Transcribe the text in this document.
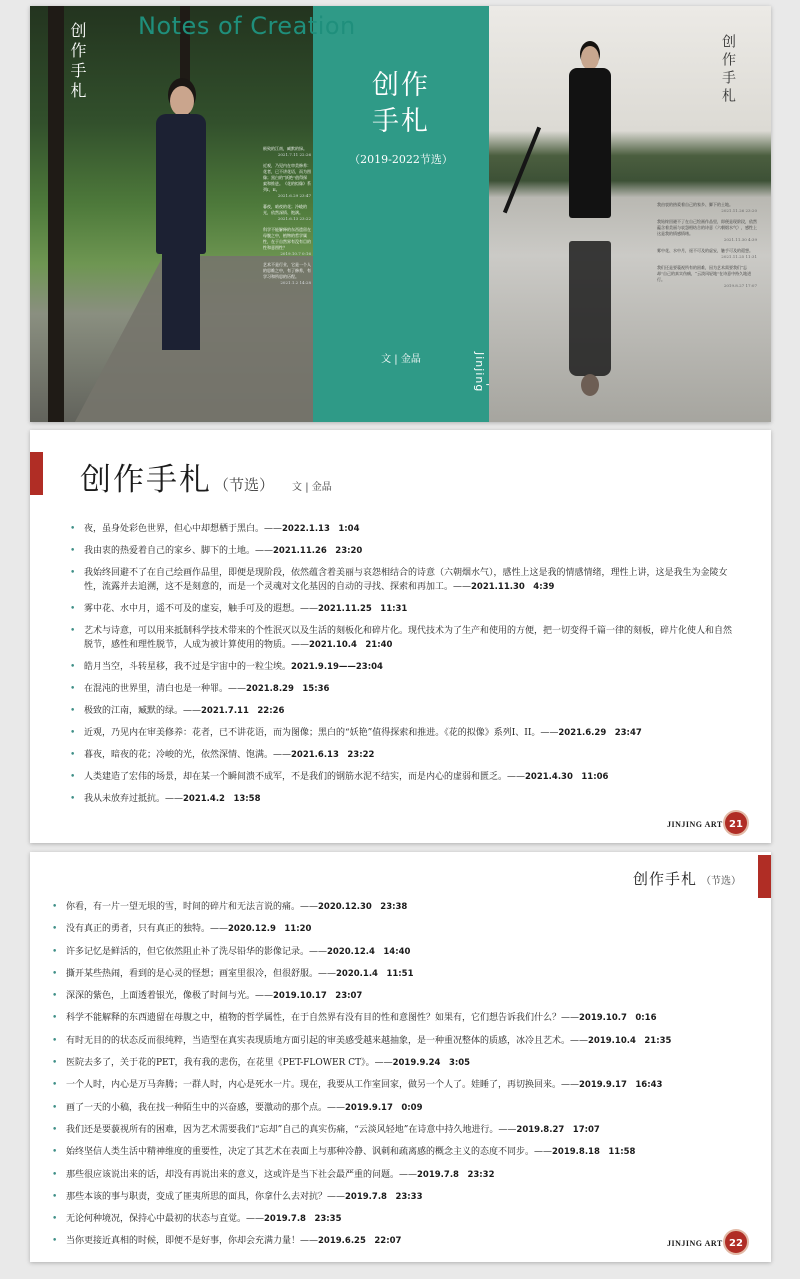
创作手札
极致的江南，臧默的绿。
2021.7.11 22:26
近观，乃见内在审美修养：花者，已不讲花语，而为图像；黑白的“妖艳”值得探索和推进。《花的拟像》系列I、II。
2021.6.29 23:47
暮夜，暗夜的花；冷峻的光，依然深情、饱满。
2021.6.13 23:22
科学不能解释的东西遗留在母腹之中，植物的哲学属性，在于自然界有没有目的性和意图性？
2019.10.7 0:16
艺术不是行业，它是一个人的思维之中，有了修养，有学习和所思的历程。
2021.1.2 14:28
创作
手札
（2019-2022节选）
文 | 金晶	Jinjing
Notes of Creation
创作手札
我由衷的热爱着自己的家乡、脚下的土地。
2021.11.26 23:20
我始终回避不了在自己绘画作品里，即便是现阶段，依然蕴含着美丽与哀怨相结合的诗意（六朝烟水气），感性上这是我的情感情绪。
2021.11.30 4:39
雾中花、水中月，遥不可及的虚妄，触手可及的遐想。
2021.11.25 11:31
我们还是要藐视所有的困难，因为艺术需要我们“忘却”自己的真实伤痛，“云淡风轻地”在诗意中持久地进行。
2019.8.27 17:07
创作手札 （节选） 文 | 金晶
• 夜，虽身处彩色世界，但心中却想栖于黑白。——2022.1.13　1:04
• 我由衷的热爱着自己的家乡、脚下的土地。——2021.11.26　23:20
• 我始终回避不了在自己绘画作品里，即便是现阶段，依然蕴含着美丽与哀怨相结合的诗意（六朝烟水气），感性上这是我的情感情绪，理性上讲，这是我生为金陵女性，流露并去追溯，这不是刻意的，而是一个灵魂对文化基因的自动的寻找、探索和再加工。——2021.11.30　4:39
• 雾中花、水中月，遥不可及的虚妄，触手可及的遐想。——2021.11.25　11:31
• 艺术与诗意，可以用来抵制科学技术带来的个性泯灭以及生活的刻板化和碎片化。现代技术为了生产和使用的方便，把一切变得千篇一律的刻板，碎片化使人和自然脱节，感性和理性脱节，人成为被计算使用的物质。——2021.10.4　21:40
• 皓月当空，斗转星移，我不过是宇宙中的一粒尘埃。2021.9.19——23:04
• 在混沌的世界里，清白也是一种罪。——2021.8.29　15:36
• 极致的江南，臧默的绿。——2021.7.11　22:26
• 近观，乃见内在审美修养：花者，已不讲花语，而为图像；黑白的“妖艳”值得探索和推进。《花的拟像》系列I、II。——2021.6.29　23:47
• 暮夜，暗夜的花；冷峻的光，依然深情、饱满。——2021.6.13　23:22
• 人类建造了宏伟的场景，却在某一个瞬间溃不成军，不是我们的钢筋水泥不结实，而是内心的虚弱和匮乏。——2021.4.30　11:06
• 我从未放弃过抵抗。——2021.4.2　13:58
JINJING ART 21
创作手札 （节选）
• 你看，有一片一望无垠的雪，时间的碎片和无法言说的痛。——2020.12.30　23:38
• 没有真正的勇者，只有真正的独特。——2020.12.9　11:20
• 许多记忆是鲜活的，但它依然阻止补了洗尽铅华的影像记录。——2020.12.4　14:40
• 撕开某些热闹，看到的是心灵的怪想；画室里很冷，但很舒服。——2020.1.4　11:51
• 深深的紫色，上面透着银光，像极了时间与光。——2019.10.17　23:07
• 科学不能解释的东西遗留在母腹之中，植物的哲学属性，在于自然界有没有目的性和意图性？如果有，它们想告诉我们什么？——2019.10.7　0:16
• 有时无目的的状态反而很纯粹，当造型在真实表现质地方面引起的审美感受越来越抽象，是一种重况整体的质感，冰冷且艺术。——2019.10.4　21:35
• 医院去多了，关于花的PET，我有我的悲伤，在花里《PET-FLOWER CT》。——2019.9.24　3:05
• 一个人时，内心是万马奔腾；一群人时，内心是死水一片。现在，我要从工作室回家，做另一个人了。娃睡了，再切换回来。——2019.9.17　16:43
• 画了一天的小稿，我在找一种陌生中的兴奋感，要激动的那个点。——2019.9.17　0:09
• 我们还是要藐视所有的困难，因为艺术需要我们“忘却”自己的真实伤痛，“云淡风轻地”在诗意中持久地进行。——2019.8.27　17:07
• 始终坚信人类生活中精神维度的重要性，决定了其艺术在表面上与那种冷静、讽刺和疏离感的概念主义的态度不同步。——2019.8.18　11:58
• 那些很应该说出来的话，却没有再说出来的意义，这或许是当下社会最严重的问题。——2019.7.8　23:32
• 那些本该的事与职责，变成了匪夷所思的面具，你拿什么去对抗？——2019.7.8　23:33
• 无论何种境况，保持心中最初的状态与直觉。——2019.7.8　23:35
• 当你更接近真相的时候，即便不是好事，你却会充满力量！——2019.6.25　22:07	JINJING ART 22
